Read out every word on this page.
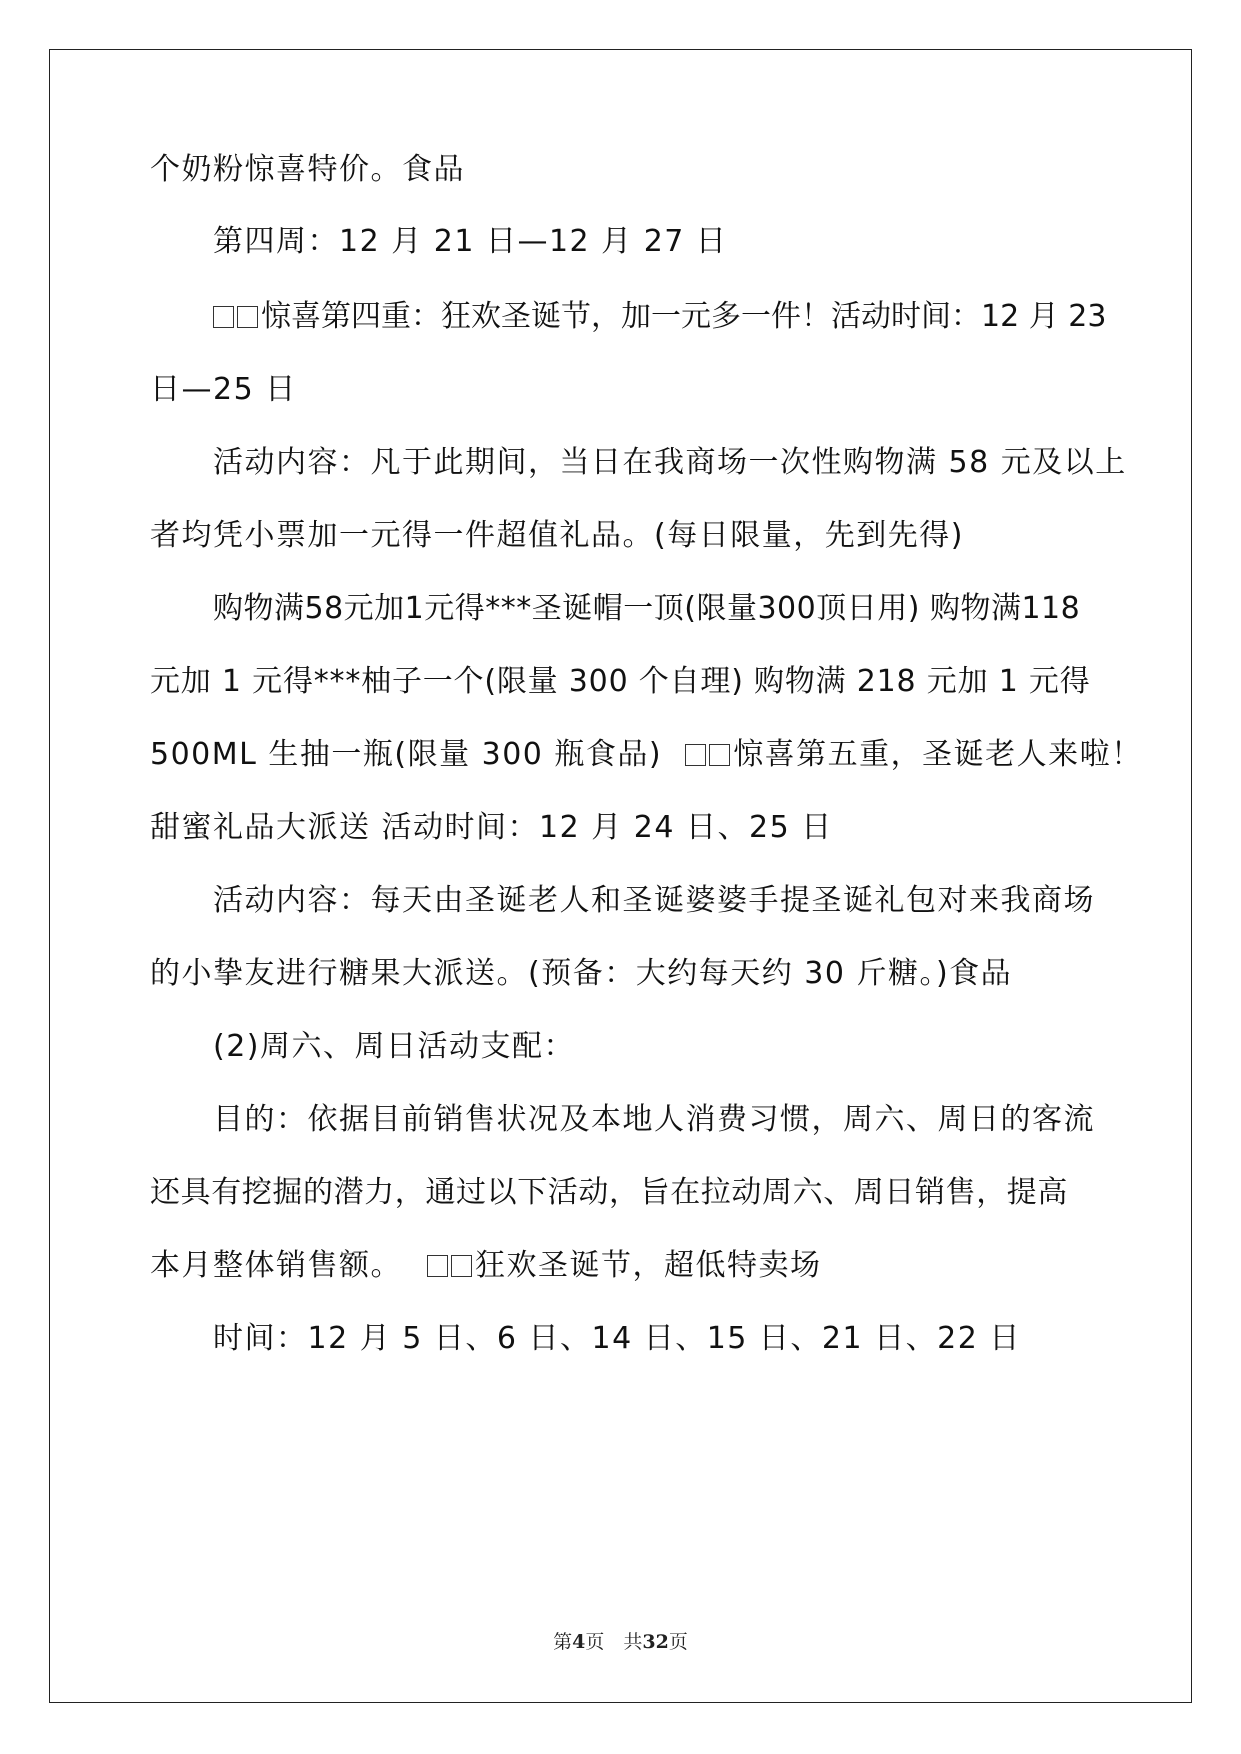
个奶粉惊喜特价。食品
第四周：12 月 21 日—12 月 27 日
惊喜第四重：狂欢圣诞节，加一元多一件！活动时间：12 月 23
日—25 日
活动内容：凡于此期间，当日在我商场一次性购物满 58 元及以上
者均凭小票加一元得一件超值礼品。(每日限量，先到先得)
购物满58元加1元得***圣诞帽一顶(限量300顶日用) 购物满118
元加 1 元得***柚子一个(限量 300 个自理) 购物满 218 元加 1 元得
500ML 生抽一瓶(限量 300 瓶食品) 惊喜第五重，圣诞老人来啦！
甜蜜礼品大派送 活动时间：12 月 24 日、25 日
活动内容：每天由圣诞老人和圣诞婆婆手提圣诞礼包对来我商场
的小挚友进行糖果大派送。(预备：大约每天约 30 斤糖。)食品
(2)周六、周日活动支配：
目的：依据目前销售状况及本地人消费习惯，周六、周日的客流
还具有挖掘的潜力，通过以下活动，旨在拉动周六、周日销售，提高
本月整体销售额。 狂欢圣诞节，超低特卖场
时间：12 月 5 日、6 日、14 日、15 日、21 日、22 日
第4页　共32页
